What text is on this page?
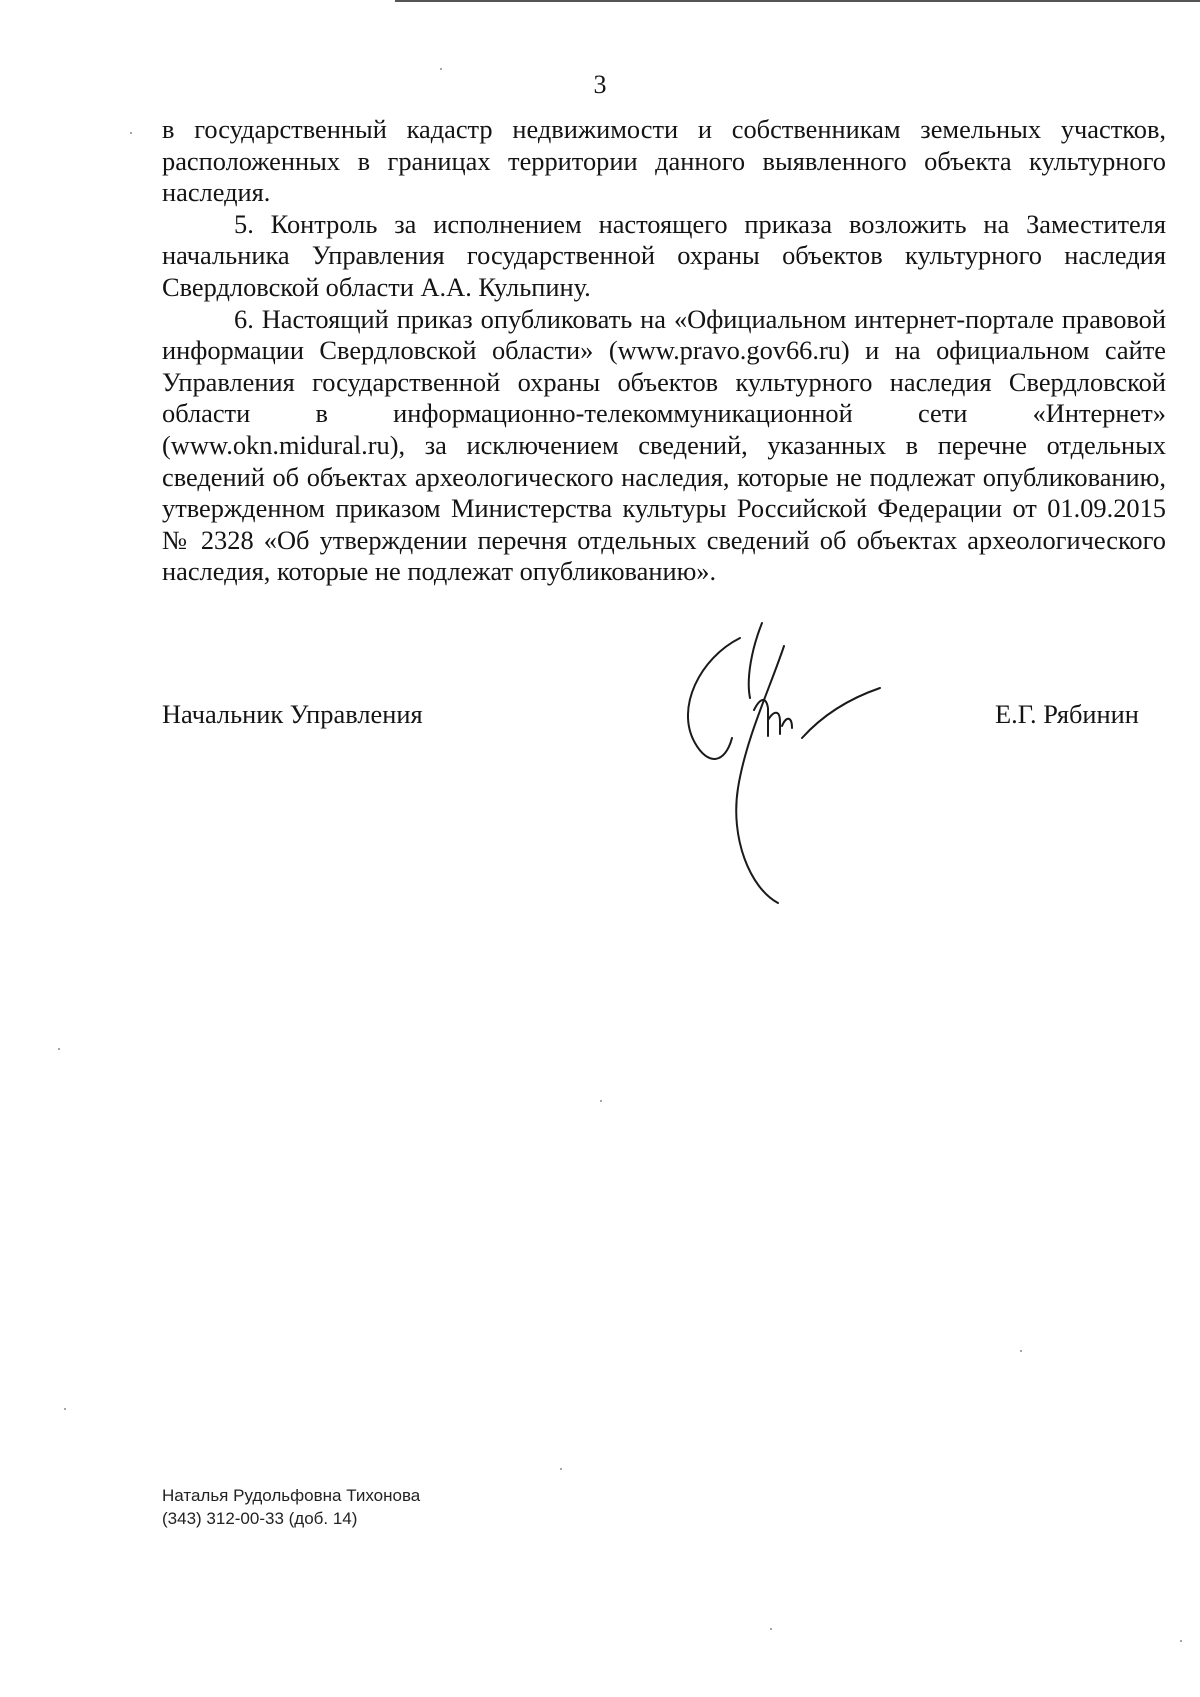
3

в государственный кадастр недвижимости и собственникам земельных участков, расположенных в границах территории данного выявленного объекта культурного наследия.

5. Контроль за исполнением настоящего приказа возложить на Заместителя начальника Управления государственной охраны объектов культурного наследия Свердловской области А.А. Кульпину.

6. Настоящий приказ опубликовать на «Официальном интернет-портале правовой информации Свердловской области» (www.pravo.gov66.ru) и на официальном сайте Управления государственной охраны объектов культурного наследия Свердловской области в информационно-телекоммуникационной сети «Интернет» (www.okn.midural.ru), за исключением сведений, указанных в перечне отдельных сведений об объектах археологического наследия, которые не подлежат опубликованию, утвержденном приказом Министерства культуры Российской Федерации от 01.09.2015 № 2328 «Об утверждении перечня отдельных сведений об объектах археологического наследия, которые не подлежат опубликованию».

Начальник Управления	Е.Г. Рябинин
Наталья Рудольфовна Тихонова
(343) 312-00-33 (доб. 14)
